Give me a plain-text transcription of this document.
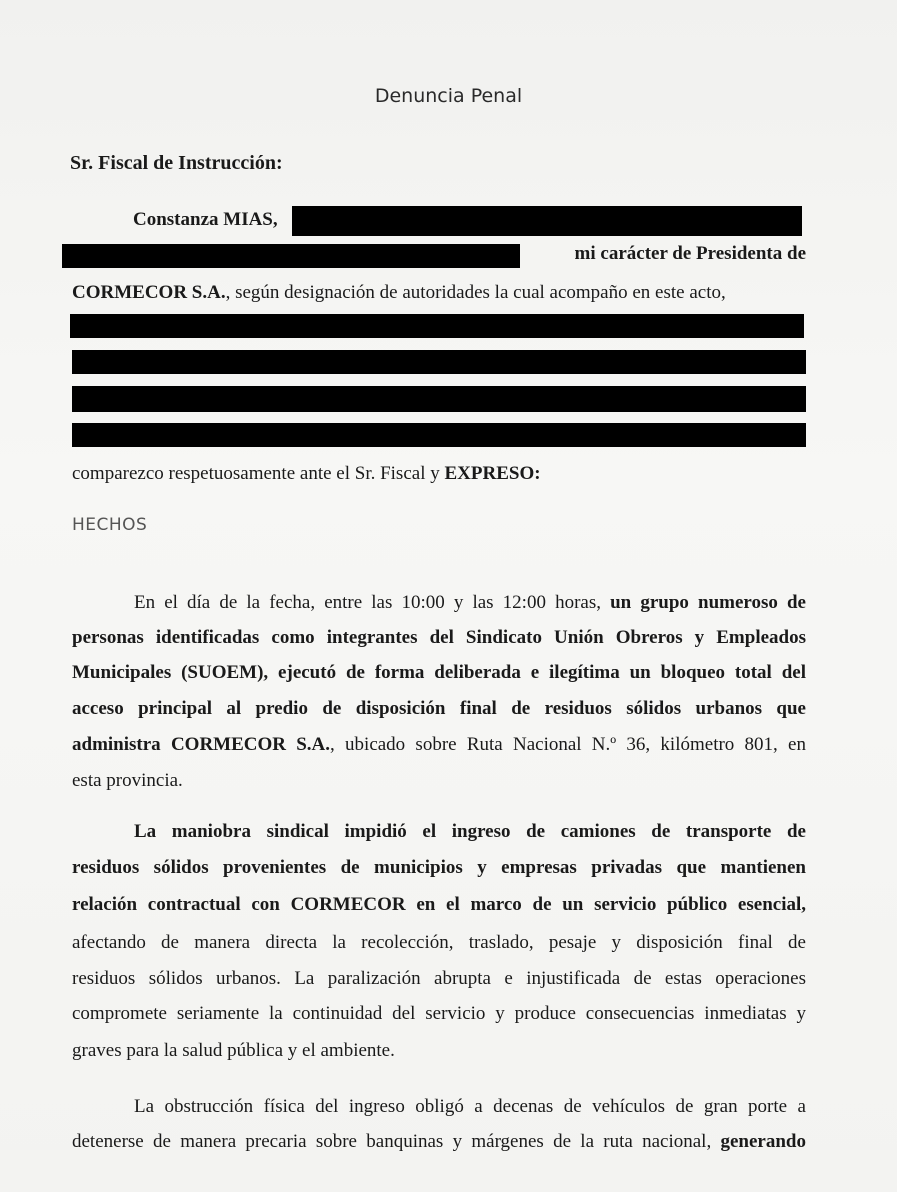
Denuncia Penal
Sr. Fiscal de Instrucción:
Constanza MIAS,
mi carácter de Presidenta de
CORMECOR S.A., según designación de autoridades la cual acompaño en este acto,
comparezco respetuosamente ante el Sr. Fiscal y EXPRESO:
HECHOS
En el día de la fecha, entre las 10:00 y las 12:00 horas, un grupo numeroso de
personas identificadas como integrantes del Sindicato Unión Obreros y Empleados
Municipales (SUOEM), ejecutó de forma deliberada e ilegítima un bloqueo total del
acceso principal al predio de disposición final de residuos sólidos urbanos que
administra CORMECOR S.A., ubicado sobre Ruta Nacional N.º 36, kilómetro 801, en
esta provincia.
La maniobra sindical impidió el ingreso de camiones de transporte de
residuos sólidos provenientes de municipios y empresas privadas que mantienen
relación contractual con CORMECOR en el marco de un servicio público esencial,
afectando de manera directa la recolección, traslado, pesaje y disposición final de
residuos sólidos urbanos. La paralización abrupta e injustificada de estas operaciones
compromete seriamente la continuidad del servicio y produce consecuencias inmediatas y
graves para la salud pública y el ambiente.
La obstrucción física del ingreso obligó a decenas de vehículos de gran porte a
detenerse de manera precaria sobre banquinas y márgenes de la ruta nacional, generando
